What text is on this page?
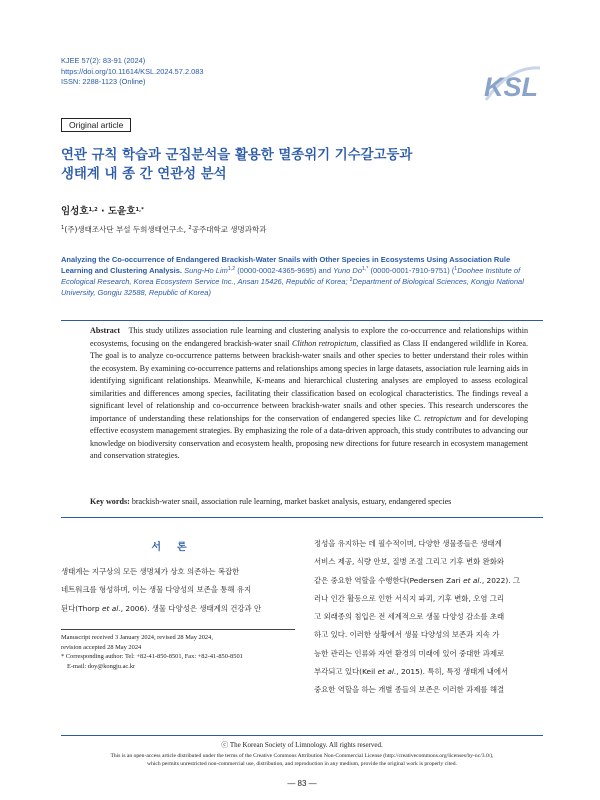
KJEE 57(2): 83-91 (2024)
https://doi.org/10.11614/KSL.2024.57.2.083
ISSN: 2288-1123 (Online)	KSL
Original article
연관 규칙 학습과 군집분석을 활용한 멸종위기 기수갈고둥과
생태계 내 종 간 연관성 분석
임성호$^{1,2}$ · 도윤호$^{1,*}$
$^1$(주)생태조사단 부설 두희생태연구소, $^2$공주대학교 생명과학과
Analyzing the Co-occurrence of Endangered Brackish-Water Snails with Other Species in Ecosystems Using Association Rule Learning and Clustering Analysis. Sung-Ho Lim$^{1,2}$ (0000-0002-4365-9695) and Yuno $Do^{1,*}$ (0000-0001-7910-9751) ($^1$Doohee Institute of Ecological Research, Korea Ecosystem Service Inc., Ansan 15426, Republic of Korea; $^2$Department of Biological Sciences, Kongju National University, Gongju 32588, Republic of Korea)
Abstract This study utilizes association rule learning and clustering analysis to explore the co-occurrence and relationships within ecosystems, focusing on the endangered brackish-water snail Clithon retropictum, classified as Class II endangered wildlife in Korea. The goal is to analyze co-occurrence patterns between brackish-water snails and other species to better understand their roles within the ecosystem. By examining co-occurrence patterns and relationships among species in large datasets, association rule learning aids in identifying significant relationships. Meanwhile, K-means and hierarchical clustering analyses are employed to assess ecological similarities and differences among species, facilitating their classification based on ecological characteristics. The findings reveal a significant level of relationship and co-occurrence between brackish-water snails and other species. This research underscores the importance of understanding these relationships for the conservation of endangered species like C. retropictum and for developing effective ecosystem management strategies. By emphasizing the role of a data-driven approach, this study contributes to advancing our knowledge on biodiversity conservation and ecosystem health, proposing new directions for future research in ecosystem management and conservation strategies.
Key words: brackish-water snail, association rule learning, market basket analysis, estuary, endangered species
서론
생태계는 지구상의 모든 생명체가 상호 의존하는 복잡한
네트워크를 형성하며, 이는 생물 다양성의 보존을 통해 유지
된다(Thorp et al., 2006). 생물 다양성은 생태계의 건강과 안
정성을 유지하는 데 필수적이며, 다양한 생물종들은 생태계
서비스 제공, 식량 안보, 질병 조절 그리고 기후 변화 완화와
같은 중요한 역할을 수행한다(Pedersen Zari et al., 2022). 그
러나 인간 활동으로 인한 서식지 파괴, 기후 변화, 오염 그리
고 외래종의 침입은 전 세계적으로 생물 다양성 감소를 초래
하고 있다. 이러한 상황에서 생물 다양성의 보존과 지속 가
능한 관리는 인류와 자연 환경의 미래에 있어 중대한 과제로
부각되고 있다(Keil et al., 2015). 특히, 특정 생태계 내에서
중요한 역할을 하는 개별 종들의 보존은 이러한 과제를 해결
Manuscript received 3 January 2024, revised 28 May 2024,
revision accepted 28 May 2024
* Corresponding author: Tel: +82-41-850-8501, Fax: +82-41-850-8501
E-mail: doy@kongju.ac.kr
ⓒ The Korean Society of Limnology. All rights reserved.
This is an open-access article distributed under the terms of the Creative Commons Attribution Non-Commercial License (http://creativecommons.org/licenses/by-nc/3.0/),
which permits unrestricted non-commercial use, distribution, and reproduction in any medium, provide the original work is properly cited.
— 83 —
